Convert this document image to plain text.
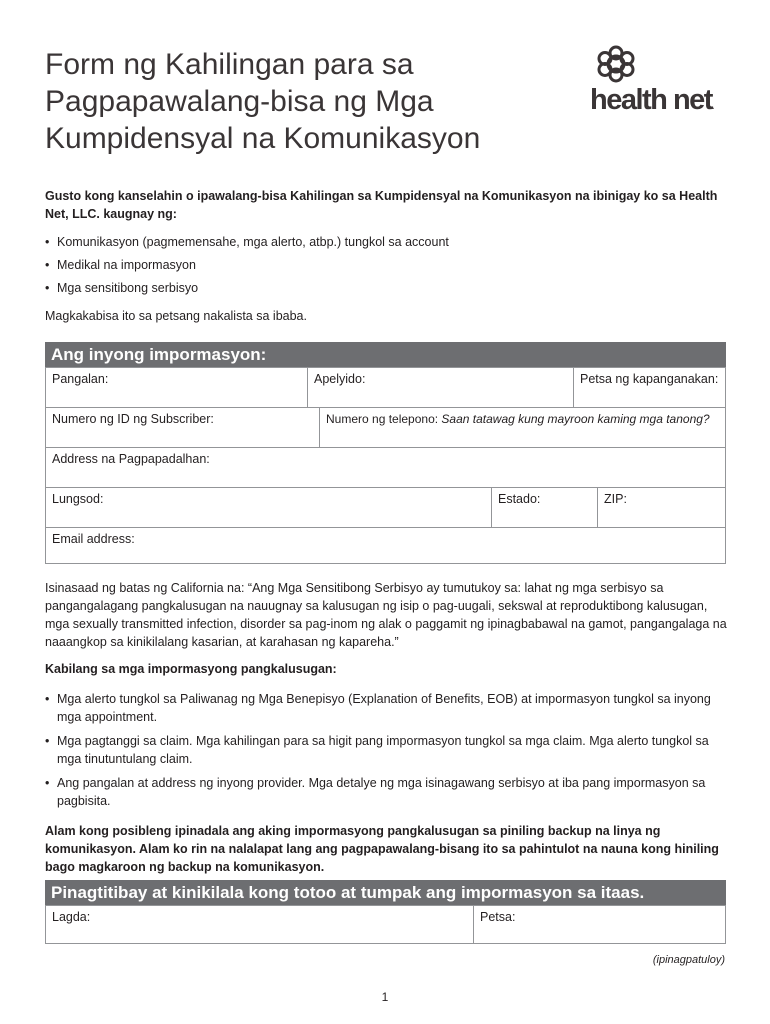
Form ng Kahilingan para sa
Pagpapawalang-bisa ng Mga
Kumpidensyal na Komunikasyon
health net.
Gusto kong kanselahin o ipawalang-bisa Kahilingan sa Kumpidensyal na Komunikasyon na ibinigay ko sa Health Net, LLC. kaugnay ng:
• Komunikasyon (pagmemensahe, mga alerto, atbp.) tungkol sa account
• Medikal na impormasyon
• Mga sensitibong serbisyo
Magkakabisa ito sa petsang nakalista sa ibaba.
Ang inyong impormasyon:
Pangalan:	Apelyido:	Petsa ng kapanganakan:
Numero ng ID ng Subscriber:	Numero ng telepono: Saan tatawag kung mayroon kaming mga tanong?
Address na Pagpapadalhan:
Lungsod:	Estado:	ZIP:
Email address:
Isinasaad ng batas ng California na: “Ang Mga Sensitibong Serbisyo ay tumutukoy sa: lahat ng mga serbisyo sa pangangalagang pangkalusugan na nauugnay sa kalusugan ng isip o pag-uugali, sekswal at reproduktibong kalusugan, mga sexually transmitted infection, disorder sa pag-inom ng alak o paggamit ng ipinagbabawal na gamot, pangangalaga na naaangkop sa kinikilalang kasarian, at karahasan ng kapareha.”
Kabilang sa mga impormasyong pangkalusugan:
• Mga alerto tungkol sa Paliwanag ng Mga Benepisyo (Explanation of Benefits, EOB) at impormasyon tungkol sa inyong mga appointment.
• Mga pagtanggi sa claim. Mga kahilingan para sa higit pang impormasyon tungkol sa mga claim. Mga alerto tungkol sa mga tinutuntulang claim.
• Ang pangalan at address ng inyong provider. Mga detalye ng mga isinagawang serbisyo at iba pang impormasyon sa pagbisita.
Alam kong posibleng ipinadala ang aking impormasyong pangkalusugan sa piniling backup na linya ng komunikasyon. Alam ko rin na nalalapat lang ang pagpapawalang-bisang ito sa pahintulot na nauna kong hiniling bago magkaroon ng backup na komunikasyon.
Pinagtitibay at kinikilala kong totoo at tumpak ang impormasyon sa itaas.
Lagda:	Petsa:
(ipinagpatuloy)
1
